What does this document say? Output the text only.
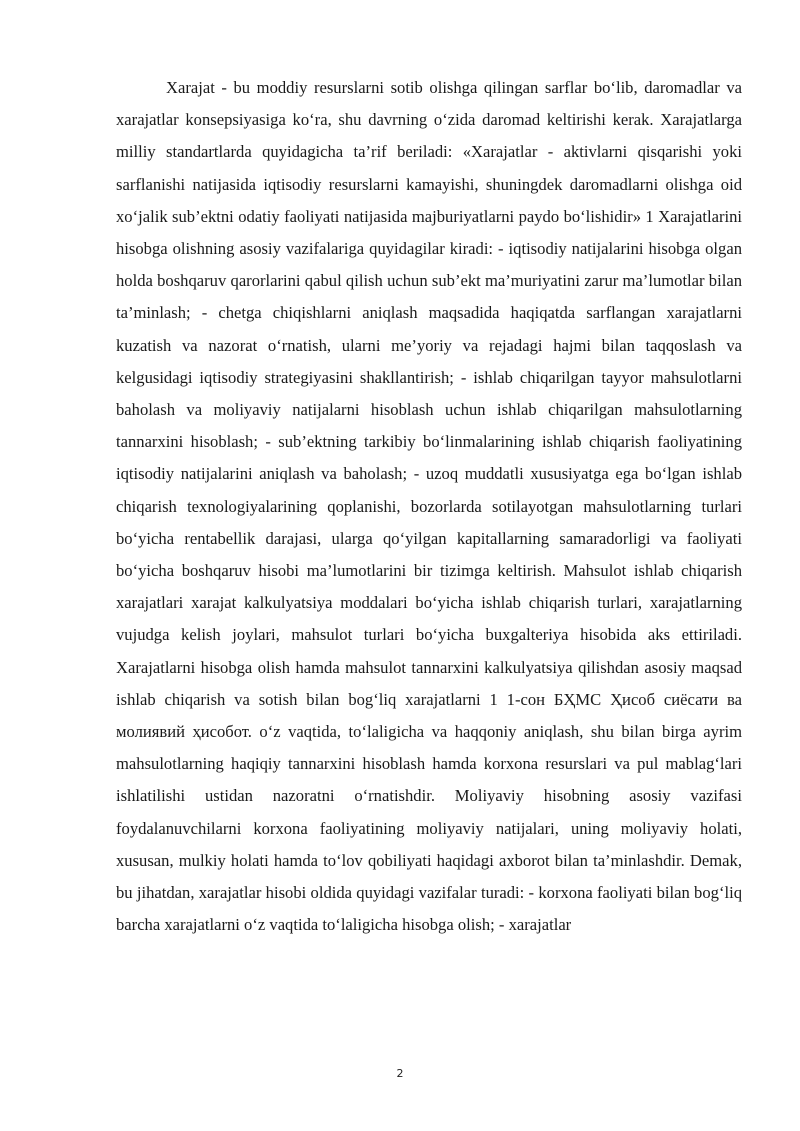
Xarajat - bu moddiy resurslarni sotib olishga qilingan sarflar bo‘lib, daromadlar va xarajatlar konsepsiyasiga ko‘ra, shu davrning o‘zida daromad keltirishi kerak. Xarajatlarga milliy standartlarda quyidagicha ta’rif beriladi: «Xarajatlar - aktivlarni qisqarishi yoki sarflanishi natijasida iqtisodiy resurslarni kamayishi, shuningdek daromadlarni olishga oid xo‘jalik sub’ektni odatiy faoliyati natijasida majburiyatlarni paydo bo‘lishidir» 1 Xarajatlarini hisobga olishning asosiy vazifalariga quyidagilar kiradi: - iqtisodiy natijalarini hisobga olgan holda boshqaruv qarorlarini qabul qilish uchun sub’ekt ma’muriyatini zarur ma’lumotlar bilan ta’minlash; - chetga chiqishlarni aniqlash maqsadida haqiqatda sarflangan xarajatlarni kuzatish va nazorat o‘rnatish, ularni me’yoriy va rejadagi hajmi bilan taqqoslash va kelgusidagi iqtisodiy strategiyasini shakllantirish; - ishlab chiqarilgan tayyor mahsulotlarni baholash va moliyaviy natijalarni hisoblash uchun ishlab chiqarilgan mahsulotlarning tannarxini hisoblash; - sub’ektning tarkibiy bo‘linmalarining ishlab chiqarish faoliyatining iqtisodiy natijalarini aniqlash va baholash; - uzoq muddatli xususiyatga ega bo‘lgan ishlab chiqarish texnologiyalarining qoplanishi, bozorlarda sotilayotgan mahsulotlarning turlari bo‘yicha rentabellik darajasi, ularga qo‘yilgan kapitallarning samaradorligi va faoliyati bo‘yicha boshqaruv hisobi ma’lumotlarini bir tizimga keltirish. Mahsulot ishlab chiqarish xarajatlari xarajat kalkulyatsiya moddalari bo‘yicha ishlab chiqarish turlari, xarajatlarning vujudga kelish joylari, mahsulot turlari bo‘yicha buxgalteriya hisobida aks ettiriladi. Xarajatlarni hisobga olish hamda mahsulot tannarxini kalkulyatsiya qilishdan asosiy maqsad ishlab chiqarish va sotish bilan bog‘liq xarajatlarni 1 1-сон БҲМС Ҳисоб сиёсати ва молиявий ҳисобот. o‘z vaqtida, to‘laligicha va haqqoniy aniqlash, shu bilan birga ayrim mahsulotlarning haqiqiy tannarxini hisoblash hamda korxona resurslari va pul mablag‘lari ishlatilishi ustidan nazoratni o‘rnatishdir. Moliyaviy hisobning asosiy vazifasi foydalanuvchilarni korxona faoliyatining moliyaviy natijalari, uning moliyaviy holati, xususan, mulkiy holati hamda to‘lov qobiliyati haqidagi axborot bilan ta’minlashdir. Demak, bu jihatdan, xarajatlar hisobi oldida quyidagi vazifalar turadi: - korxona faoliyati bilan bog‘liq barcha xarajatlarni o‘z vaqtida to‘laligicha hisobga olish; - xarajatlar

2
